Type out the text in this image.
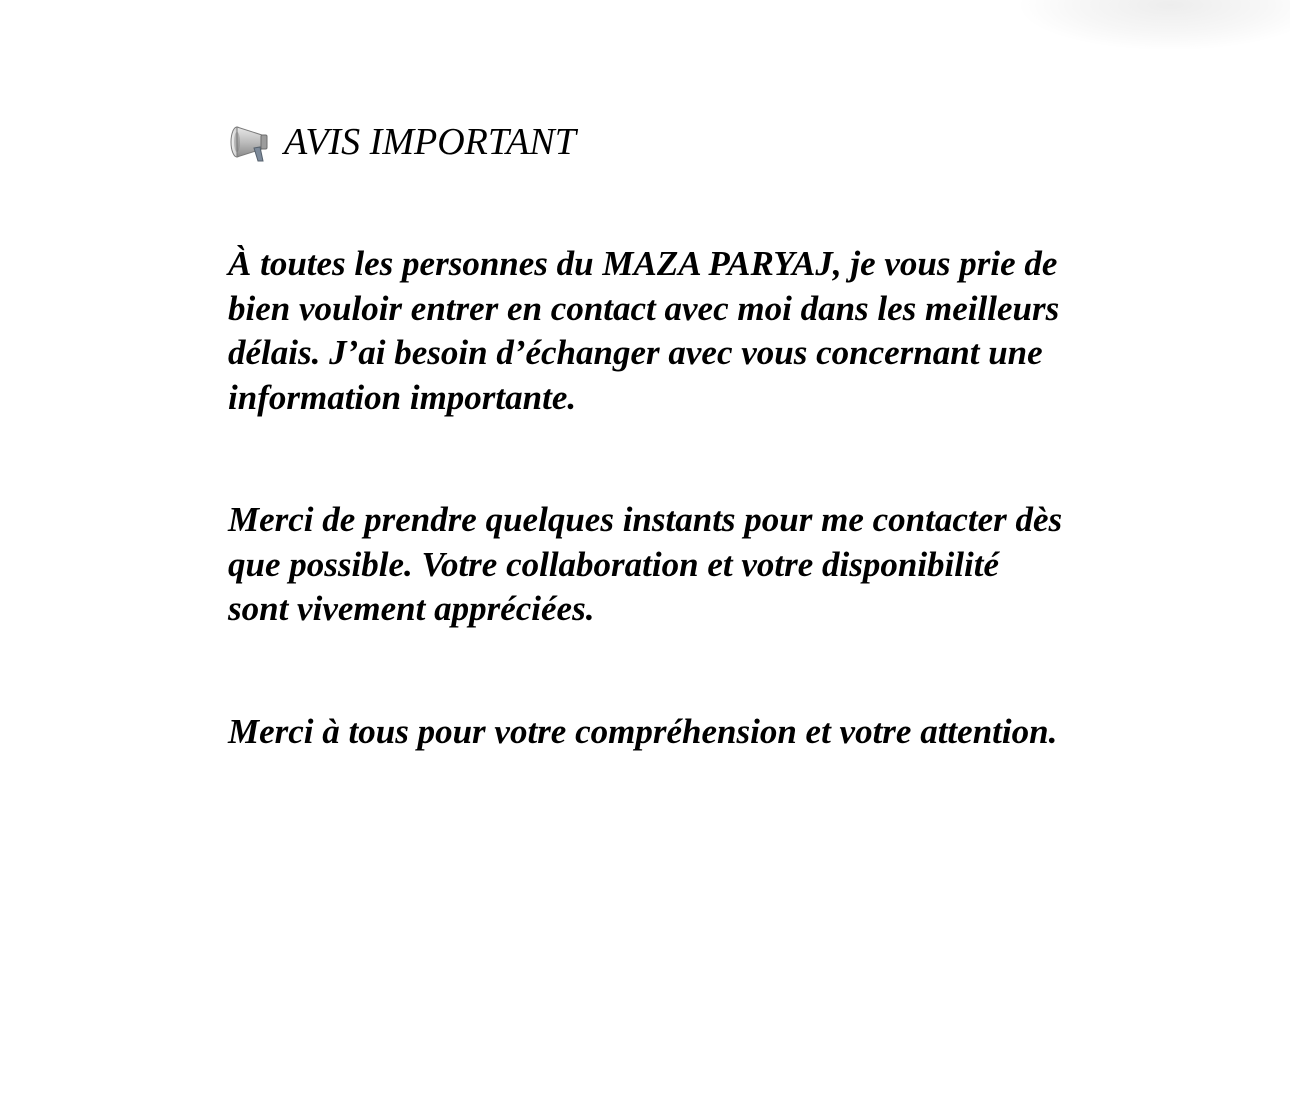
AVIS IMPORTANT

À toutes les personnes du MAZA PARYAJ, je vous prie de
bien vouloir entrer en contact avec moi dans les meilleurs
délais. J’ai besoin d’échanger avec vous concernant une
information importante.

Merci de prendre quelques instants pour me contacter dès
que possible. Votre collaboration et votre disponibilité
sont vivement appréciées.

Merci à tous pour votre compréhension et votre attention.
